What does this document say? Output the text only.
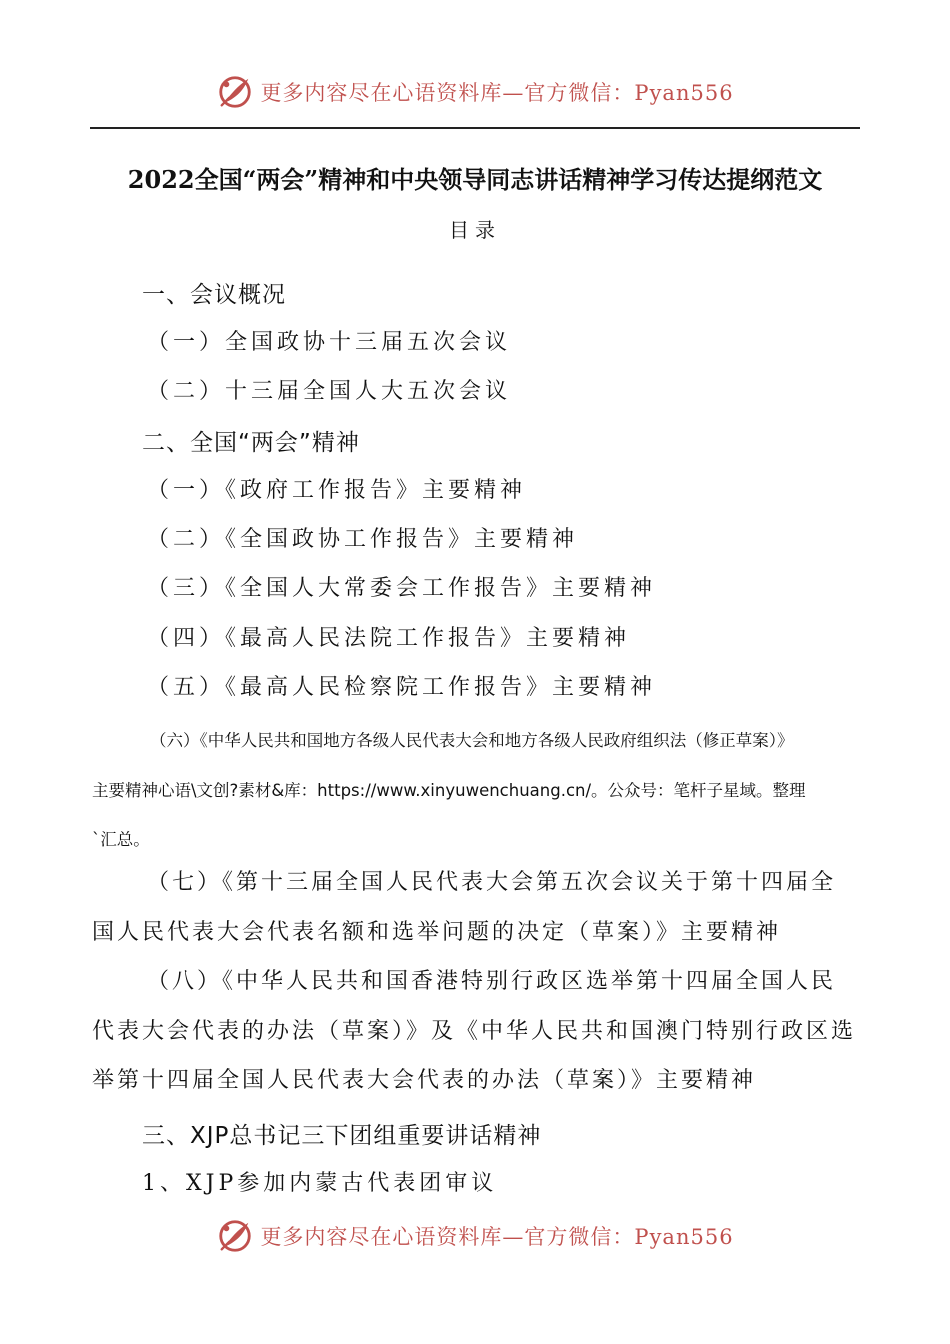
更多内容尽在心语资料库—官方微信：Pyan556
2022全国“两会”精神和中央领导同志讲话精神学习传达提纲范文
目录
一、会议概况
（一）全国政协十三届五次会议
（二）十三届全国人大五次会议
二、全国“两会”精神
（一）《政府工作报告》主要精神
（二）《全国政协工作报告》主要精神
（三）《全国人大常委会工作报告》主要精神
（四）《最高人民法院工作报告》主要精神
（五）《最高人民检察院工作报告》主要精神
（六）《中华人民共和国地方各级人民代表大会和地方各级人民政府组织法（修正草案）》
主要精神心语\文创?素材&库：https://www.xinyuwenchuang.cn/。公众号：笔杆子星域。整理
`汇总。
（七）《第十三届全国人民代表大会第五次会议关于第十四届全国人民代表大会代表名额和选举问题的决定（草案）》主要精神
（八）《中华人民共和国香港特别行政区选举第十四届全国人民代表大会代表的办法（草案）》及《中华人民共和国澳门特别行政区选举第十四届全国人民代表大会代表的办法（草案）》主要精神
三、XJP总书记三下团组重要讲话精神
1、XJP参加内蒙古代表团审议
更多内容尽在心语资料库—官方微信：Pyan556
